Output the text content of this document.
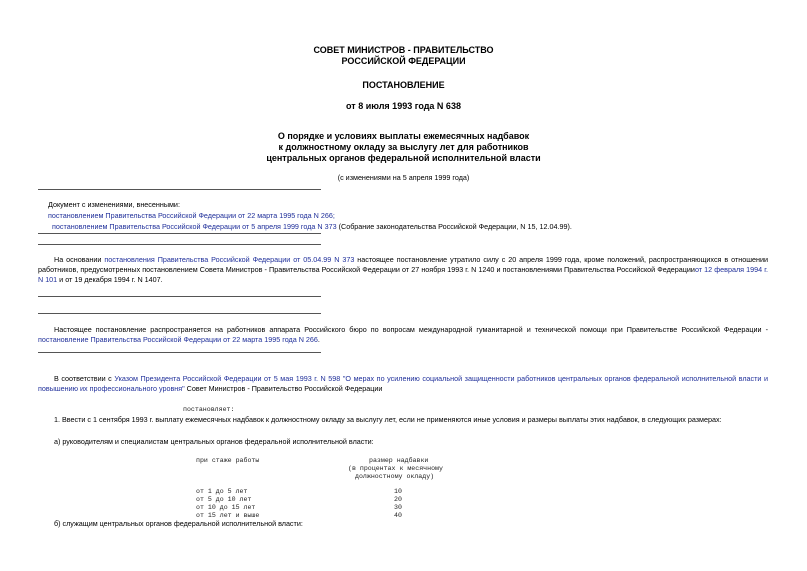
СОВЕТ МИНИСТРОВ - ПРАВИТЕЛЬСТВО
РОССИЙСКОЙ ФЕДЕРАЦИИ
ПОСТАНОВЛЕНИЕ
от 8 июля 1993 года N 638
О порядке и условиях выплаты ежемесячных надбавок
к должностному окладу за выслугу лет для работников
центральных органов федеральной исполнительной власти
(с изменениями на 5 апреля 1999 года)
Документ с изменениями, внесенными:
постановлением Правительства Российской Федерации от 22 марта 1995 года N 266;
постановлением Правительства Российской Федерации от 5 апреля 1999 года N 373 (Собрание законодательства Российской Федерации, N 15, 12.04.99).
На основании постановления Правительства Российской Федерации от 05.04.99 N 373 настоящее постановление утратило силу с 20 апреля 1999 года, кроме положений, распространяющихся в отношении работников, предусмотренных постановлением Совета Министров - Правительства Российской Федерации от 27 ноября 1993 г. N 1240 и постановлениями Правительства Российской Федерацииот 12 февраля 1994 г. N 101 и от 19 декабря 1994 г. N 1407.
Настоящее постановление распространяется на работников аппарата Российского бюро по вопросам международной гуманитарной и технической помощи при Правительстве Российской Федерации - постановление Правительства Российской Федерации от 22 марта 1995 года N 266.
В соответствии с Указом Президента Российской Федерации от 5 мая 1993 г. N 598 "О мерах по усилению социальной защищенности работников центральных органов федеральной исполнительной власти и повышению их профессионального уровня" Совет Министров - Правительство Российской Федерации
постановляет:
1. Ввести с 1 сентября 1993 г. выплату ежемесячных надбавок к должностному окладу за выслугу лет, если не применяются иные условия и размеры выплаты этих надбавок, в следующих размерах:
а) руководителям и специалистам центральных органов федеральной исполнительной власти:
при стаже работы	размер надбавки
(в процентах к месячному
должностному окладу)
от 1 до 5 лет	10
от 5 до 10 лет	20
от 10 до 15 лет	30
от 15 лет и выше	40
б) служащим центральных органов федеральной исполнительной власти:
